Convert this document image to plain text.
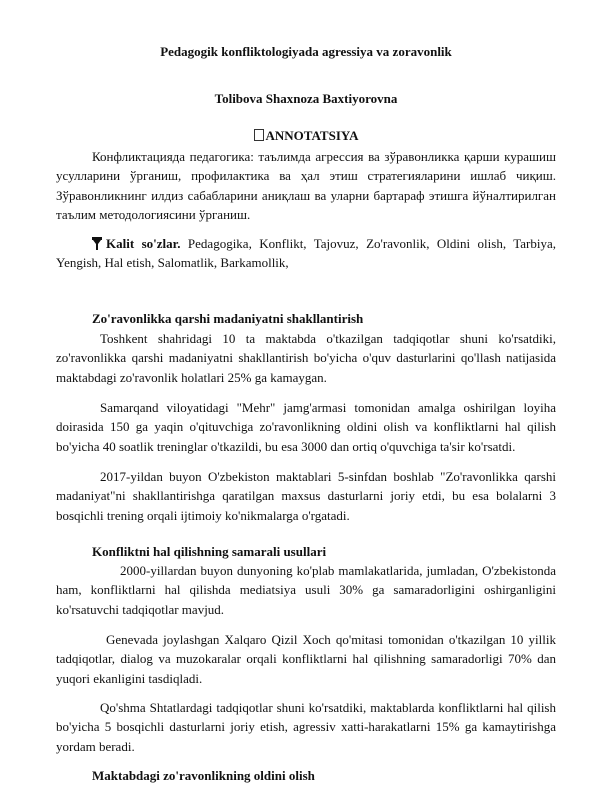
Pedagogik konfliktologiyada agressiya va zoravonlik
Tolibova Shaxnoza Baxtiyorovna
ANNOTATSIYA
Конфликтацияда педагогика: таълимда агрессия ва зўравонликка қарши курашиш усулларини ўрганиш, профилактика ва ҳал этиш стратегияларини ишлаб чиқиш. Зўравонликнинг илдиз сабабларини аниқлаш ва уларни бартараф этишга йўналтирилган таълим методологиясини ўрганиш.
Kalit so'zlar. Pedagogika, Konflikt, Tajovuz, Zo'ravonlik, Oldini olish, Tarbiya, Yengish, Hal etish, Salomatlik, Barkamollik,
Zo'ravonlikka qarshi madaniyatni shakllantirish
Toshkent shahridagi 10 ta maktabda o'tkazilgan tadqiqotlar shuni ko'rsatdiki, zo'ravonlikka qarshi madaniyatni shakllantirish bo'yicha o'quv dasturlarini qo'llash natijasida maktabdagi zo'ravonlik holatlari 25% ga kamaygan.
Samarqand viloyatidagi "Mehr" jamg'armasi tomonidan amalga oshirilgan loyiha doirasida 150 ga yaqin o'qituvchiga zo'ravonlikning oldini olish va konfliktlarni hal qilish bo'yicha 40 soatlik treninglar o'tkazildi, bu esa 3000 dan ortiq o'quvchiga ta'sir ko'rsatdi.
2017-yildan buyon O'zbekiston maktablari 5-sinfdan boshlab "Zo'ravonlikka qarshi madaniyat"ni shakllantirishga qaratilgan maxsus dasturlarni joriy etdi, bu esa bolalarni 3 bosqichli trening orqali ijtimoiy ko'nikmalarga o'rgatadi.
Konfliktni hal qilishning samarali usullari
2000-yillardan buyon dunyoning ko'plab mamlakatlarida, jumladan, O'zbekistonda ham, konfliktlarni hal qilishda mediatsiya usuli 30% ga samaradorligini oshirganligini ko'rsatuvchi tadqiqotlar mavjud.
Genevada joylashgan Xalqaro Qizil Xoch qo'mitasi tomonidan o'tkazilgan 10 yillik tadqiqotlar, dialog va muzokaralar orqali konfliktlarni hal qilishning samaradorligi 70% dan yuqori ekanligini tasdiqladi.
Qo'shma Shtatlardagi tadqiqotlar shuni ko'rsatdiki, maktablarda konfliktlarni hal qilish bo'yicha 5 bosqichli dasturlarni joriy etish, agressiv xatti-harakatlarni 15% ga kamaytirishga yordam beradi.
Maktabdagi zo'ravonlikning oldini olish
